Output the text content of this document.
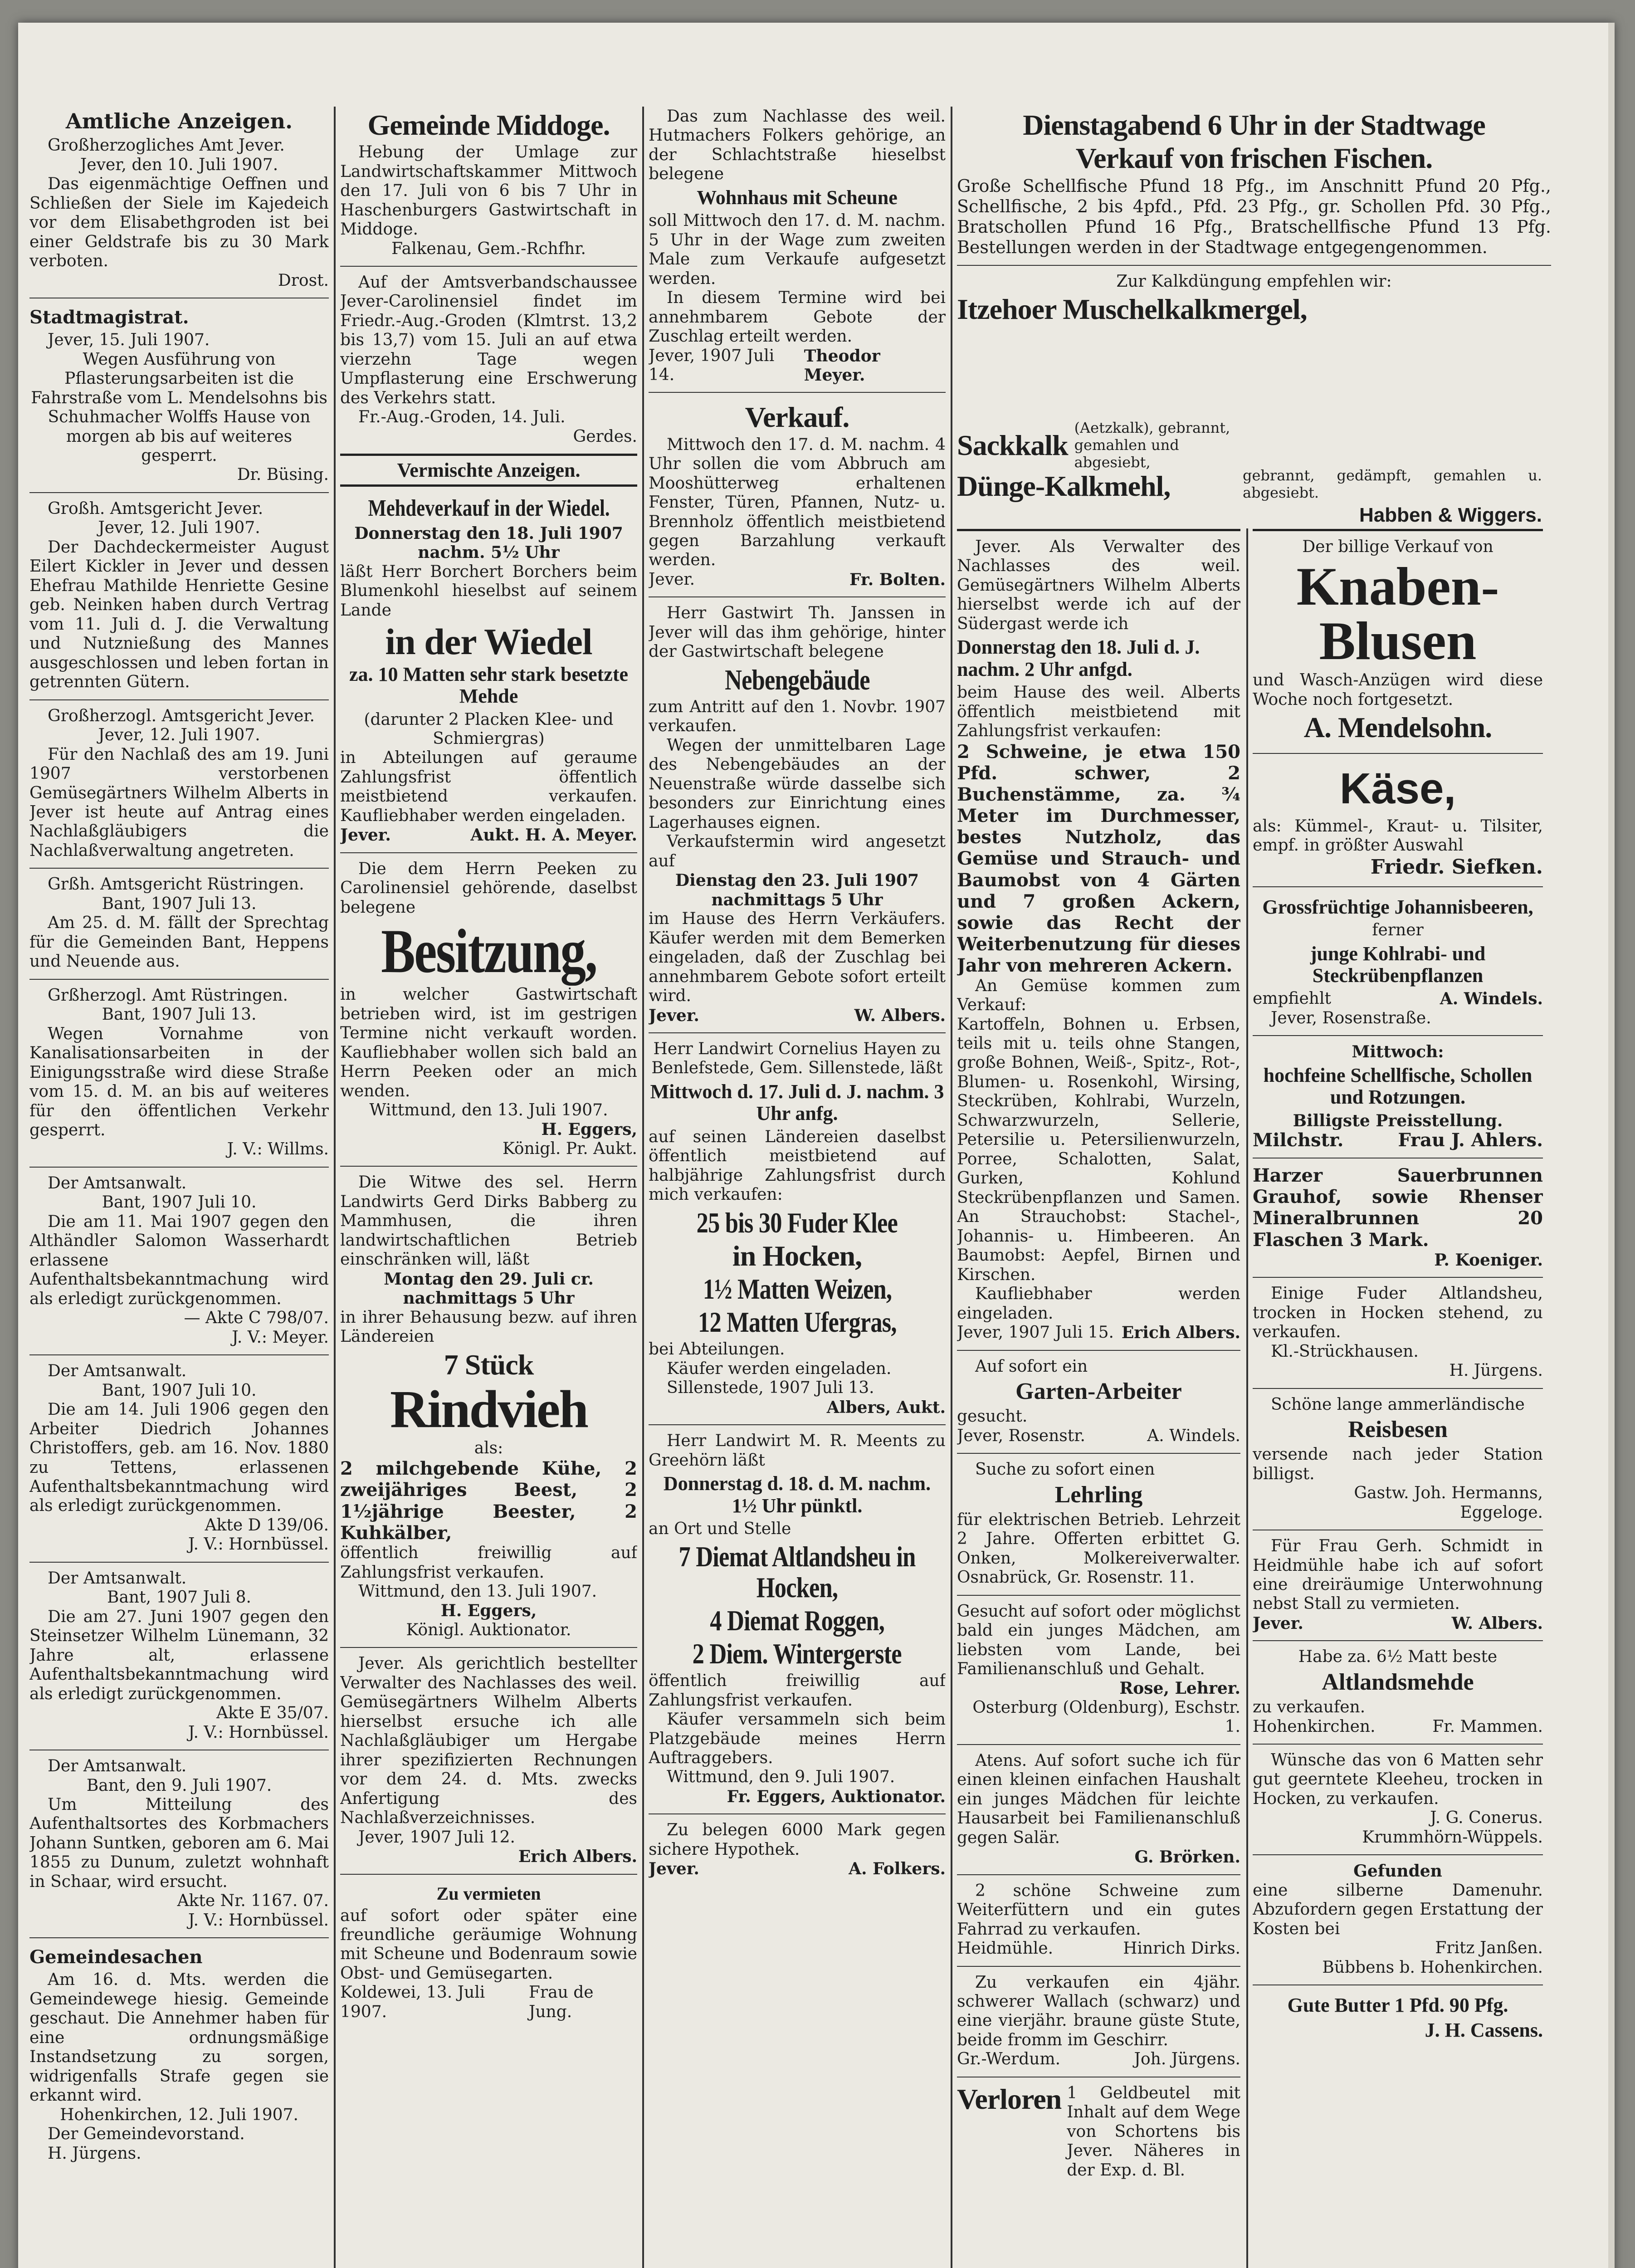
Amtliche Anzeigen.

Großherzogliches Amt Jever.

Jever, den 10. Juli 1907.

Das eigenmächtige Oeffnen und Schließen der Siele im Kajedeich vor dem Elisabethgroden ist bei einer Geldstrafe bis zu 30 Mark verboten.

Drost.

Stadtmagistrat.

Jever, 15. Juli 1907.

Wegen Ausführung von Pflasterungsarbeiten ist die Fahrstraße vom L. Mendelsohns bis Schuhmacher Wolffs Hause von morgen ab bis auf weiteres gesperrt.

Dr. Büsing.

Großh. Amtsgericht Jever.

Jever, 12. Juli 1907.

Der Dachdeckermeister August Eilert Kickler in Jever und dessen Ehefrau Mathilde Henriette Gesine geb. Neinken haben durch Vertrag vom 11. Juli d. J. die Verwaltung und Nutznießung des Mannes ausgeschlossen und leben fortan in getrennten Gütern.

Großherzogl. Amtsgericht Jever.

Jever, 12. Juli 1907.

Für den Nachlaß des am 19. Juni 1907 verstorbenen Gemüsegärtners Wilhelm Alberts in Jever ist heute auf Antrag eines Nachlaßgläubigers die Nachlaßverwaltung angetreten.

Grßh. Amtsgericht Rüstringen.

Bant, 1907 Juli 13.

Am 25. d. M. fällt der Sprechtag für die Gemeinden Bant, Heppens und Neuende aus.

Grßherzogl. Amt Rüstringen.

Bant, 1907 Juli 13.

Wegen Vornahme von Kanalisationsarbeiten in der Einigungsstraße wird diese Straße vom 15. d. M. an bis auf weiteres für den öffentlichen Verkehr gesperrt.

J. V.: Willms.

Der Amtsanwalt.

Bant, 1907 Juli 10.

Die am 11. Mai 1907 gegen den Althändler Salomon Wasserhardt erlassene Aufenthaltsbekanntmachung wird als erledigt zurückgenommen.

— Akte C 798/07.

J. V.: Meyer.

Der Amtsanwalt.

Bant, 1907 Juli 10.

Die am 14. Juli 1906 gegen den Arbeiter Diedrich Johannes Christoffers, geb. am 16. Nov. 1880 zu Tettens, erlassenen Aufenthaltsbekanntmachung wird als erledigt zurückgenommen.

Akte D 139/06.

J. V.: Hornbüssel.

Der Amtsanwalt.

Bant, 1907 Juli 8.

Die am 27. Juni 1907 gegen den Steinsetzer Wilhelm Lünemann, 32 Jahre alt, erlassene Aufenthaltsbekanntmachung wird als erledigt zurückgenommen.

Akte E 35/07.

J. V.: Hornbüssel.

Der Amtsanwalt.

Bant, den 9. Juli 1907.

Um Mitteilung des Aufenthaltsortes des Korbmachers Johann Suntken, geboren am 6. Mai 1855 zu Dunum, zuletzt wohnhaft in Schaar, wird ersucht.

Akte Nr. 1167. 07.

J. V.: Hornbüssel.

Gemeindesachen

Am 16. d. Mts. werden die Gemeindewege hiesig. Gemeinde geschaut. Die Annehmer haben für eine ordnungsmäßige Instandsetzung zu sorgen, widrigenfalls Strafe gegen sie erkannt wird.

Hohenkirchen, 12. Juli 1907.

Der Gemeindevorstand.

H. Jürgens.

Gemeinde Middoge.

Hebung der Umlage zur Landwirtschaftskammer Mittwoch den 17. Juli von 6 bis 7 Uhr in Haschenburgers Gastwirtschaft in Middoge.

Falkenau, Gem.-Rchfhr.

Auf der Amtsverbandschaussee Jever-Carolinensiel findet im Friedr.-Aug.-Groden (Klmtrst. 13,2 bis 13,7) vom 15. Juli an auf etwa vierzehn Tage wegen Umpflasterung eine Erschwerung des Verkehrs statt.

Fr.-Aug.-Groden, 14. Juli.

Gerdes.

Vermischte Anzeigen.
Mehdeverkauf in der Wiedel.

Donnerstag den 18. Juli 1907

nachm. 5½ Uhr

läßt Herr Borchert Borchers beim Blumenkohl hieselbst auf seinem Lande

in der Wiedel
za. 10 Matten sehr stark besetzte Mehde

(darunter 2 Placken Klee- und Schmiergras)

in Abteilungen auf geraume Zahlungsfrist öffentlich meistbietend verkaufen. Kaufliebhaber werden eingeladen.

Jever.	Aukt. H. A. Meyer.

Die dem Herrn Peeken zu Carolinensiel gehörende, daselbst belegene

Besitzung,

in welcher Gastwirtschaft betrieben wird, ist im gestrigen Termine nicht verkauft worden. Kaufliebhaber wollen sich bald an Herrn Peeken oder an mich wenden.

Wittmund, den 13. Juli 1907.

H. Eggers,

Königl. Pr. Aukt.

Die Witwe des sel. Herrn Landwirts Gerd Dirks Babberg zu Mammhusen, die ihren landwirtschaftlichen Betrieb einschränken will, läßt

Montag den 29. Juli cr. nachmittags 5 Uhr

in ihrer Behausung bezw. auf ihren Ländereien

7 Stück
Rindvieh

als:

2 milchgebende Kühe, 2 zweijähriges Beest, 2 1½jährige Beester, 2 Kuhkälber,

öffentlich freiwillig auf Zahlungsfrist verkaufen.

Wittmund, den 13. Juli 1907.

H. Eggers,

Königl. Auktionator.

Jever. Als gerichtlich bestellter Verwalter des Nachlasses des weil. Gemüsegärtners Wilhelm Alberts hierselbst ersuche ich alle Nachlaßgläubiger um Hergabe ihrer spezifizierten Rechnungen vor dem 24. d. Mts. zwecks Anfertigung des Nachlaßverzeichnisses.

Jever, 1907 Juli 12.

Erich Albers.

Zu vermieten

auf sofort oder später eine freundliche geräumige Wohnung mit Scheune und Bodenraum sowie Obst- und Gemüsegarten.

Koldewei, 13. Juli 1907.
Frau de Jung.

Das zum Nachlasse des weil. Hutmachers Folkers gehörige, an der Schlachtstraße hieselbst belegene

Wohnhaus mit Scheune

soll Mittwoch den 17. d. M. nachm. 5 Uhr in der Wage zum zweiten Male zum Verkaufe aufgesetzt werden.

In diesem Termine wird bei annehmbarem Gebote der Zuschlag erteilt werden.

Jever, 1907 Juli 14.
Theodor Meyer.
Verkauf.

Mittwoch den 17. d. M. nachm. 4 Uhr sollen die vom Abbruch am Mooshütterweg erhaltenen Fenster, Türen, Pfannen, Nutz- u. Brennholz öffentlich meistbietend gegen Barzahlung verkauft werden.

Jever.	Fr. Bolten.

Herr Gastwirt Th. Janssen in Jever will das ihm gehörige, hinter der Gastwirtschaft belegene

Nebengebäude

zum Antritt auf den 1. Novbr. 1907 verkaufen.

Wegen der unmittelbaren Lage des Nebengebäudes an der Neuenstraße würde dasselbe sich besonders zur Einrichtung eines Lagerhauses eignen.

Verkaufstermin wird angesetzt auf

Dienstag den 23. Juli 1907 nachmittags 5 Uhr

im Hause des Herrn Verkäufers. Käufer werden mit dem Bemerken eingeladen, daß der Zuschlag bei annehmbarem Gebote sofort erteilt wird.

Jever.	W. Albers.

Herr Landwirt Cornelius Hayen zu Benlefstede, Gem. Sillenstede, läßt

Mittwoch d. 17. Juli d. J. nachm. 3 Uhr anfg.

auf seinen Ländereien daselbst öffentlich meistbietend auf halbjährige Zahlungsfrist durch mich verkaufen:

25 bis 30 Fuder Klee
in Hocken,
1½ Matten Weizen,
12 Matten Ufergras,

bei Abteilungen.

Käufer werden eingeladen.

Sillenstede, 1907 Juli 13.

Albers, Aukt.

Herr Landwirt M. R. Meents zu Greehörn läßt

Donnerstag d. 18. d. M. nachm. 1½ Uhr pünktl.

an Ort und Stelle

7 Diemat Altlandsheu in Hocken,
4 Diemat Roggen,
2 Diem. Wintergerste

öffentlich freiwillig auf Zahlungsfrist verkaufen.

Käufer versammeln sich beim Platzgebäude meines Herrn Auftraggebers.

Wittmund, den 9. Juli 1907.

Fr. Eggers, Auktionator.

Zu belegen 6000 Mark gegen sichere Hypothek.

Jever.	A. Folkers.
Dienstagabend 6 Uhr in der Stadtwage
Verkauf von frischen Fischen.

Große Schellfische Pfund 18 Pfg., im Anschnitt Pfund 20 Pfg., Schellfische, 2 bis 4pfd., Pfd. 23 Pfg., gr. Schollen Pfd. 30 Pfg., Bratschollen Pfund 16 Pfg., Bratschellfische Pfund 13 Pfg. Bestellungen werden in der Stadtwage entgegengenommen.

Zur Kalkdüngung empfehlen wir:

Itzehoer Muschelkalkmergel,
Sackkalk
(Aetzkalk), gebrannt, gemahlen und abgesiebt,
Dünge-Kalkmehl,	gebrannt, gedämpft, gemahlen u. abgesiebt.

Habben & Wiggers.

Jever. Als Verwalter des Nachlasses des weil. Gemüsegärtners Wilhelm Alberts hierselbst werde ich auf der Südergast werde ich

Donnerstag den 18. Juli d. J. nachm. 2 Uhr anfgd.

beim Hause des weil. Alberts öffentlich meistbietend mit Zahlungsfrist verkaufen:

2 Schweine, je etwa 150 Pfd. schwer, 2 Buchenstämme, za. ¾ Meter im Durchmesser, bestes Nutzholz, das Gemüse und Strauch- und Baumobst von 4 Gärten und 7 großen Ackern, sowie das Recht der Weiterbenutzung für dieses Jahr von mehreren Ackern.

An Gemüse kommen zum Verkauf:

Kartoffeln, Bohnen u. Erbsen, teils mit u. teils ohne Stangen, große Bohnen, Weiß-, Spitz-, Rot-, Blumen- u. Rosenkohl, Wirsing, Steckrüben, Kohlrabi, Wurzeln, Schwarzwurzeln, Sellerie, Petersilie u. Petersilienwurzeln, Porree, Schalotten, Salat, Gurken, Kohlund Steckrübenpflanzen und Samen. An Strauchobst: Stachel-, Johannis- u. Himbeeren. An Baumobst: Aepfel, Birnen und Kirschen.

Kaufliebhaber werden eingeladen.

Jever, 1907 Juli 15. Erich Albers.

Auf sofort ein

Garten-Arbeiter

gesucht.

Jever, Rosenstr.	A. Windels.

Suche zu sofort einen

Lehrling

für elektrischen Betrieb. Lehrzeit 2 Jahre. Offerten erbittet G. Onken, Molkereiverwalter. Osnabrück, Gr. Rosenstr. 11.

Gesucht auf sofort oder möglichst bald ein junges Mädchen, am liebsten vom Lande, bei Familienanschluß und Gehalt.

Rose, Lehrer.

Osterburg (Oldenburg), Eschstr. 1.

Atens. Auf sofort suche ich für einen kleinen einfachen Haushalt ein junges Mädchen für leichte Hausarbeit bei Familienanschluß gegen Salär.

G. Brörken.

2 schöne Schweine zum Weiterfüttern und ein gutes Fahrrad zu verkaufen.

Heidmühle.	Hinrich Dirks.

Zu verkaufen ein 4jähr. schwerer Wallach (schwarz) und eine vierjähr. braune güste Stute, beide fromm im Geschirr.

Gr.-Werdum.	Joh. Jürgens.
Verloren 1 Geldbeutel mit Inhalt auf dem Wege von Schortens bis Jever. Näheres in der Exp. d. Bl.

Der billige Verkauf von

Knaben-Blusen

und Wasch-Anzügen wird diese Woche noch fortgesetzt.

A. Mendelsohn.
Käse,

als: Kümmel-, Kraut- u. Tilsiter, empf. in größter Auswahl

Friedr. Siefken.

Grossfrüchtige Johannisbeeren,

ferner

junge Kohlrabi- und Steckrübenpflanzen
empfiehlt	A. Windels.

Jever, Rosenstraße.

Mittwoch:

hochfeine Schellfische, Schollen und Rotzungen.

Billigste Preisstellung.

Milchstr.	Frau J. Ahlers.

Harzer Sauerbrunnen Grauhof, sowie Rhenser Mineralbrunnen 20 Flaschen 3 Mark.

P. Koeniger.

Einige Fuder Altlandsheu, trocken in Hocken stehend, zu verkaufen.

Kl.-Strückhausen.

H. Jürgens.

Schöne lange ammerländische

Reisbesen

versende nach jeder Station billigst.

Gastw. Joh. Hermanns,

Eggeloge.

Für Frau Gerh. Schmidt in Heidmühle habe ich auf sofort eine dreiräumige Unterwohnung nebst Stall zu vermieten.

Jever.	W. Albers.

Habe za. 6½ Matt beste

Altlandsmehde

zu verkaufen.

Hohenkirchen.	Fr. Mammen.

Wünsche das von 6 Matten sehr gut geerntete Kleeheu, trocken in Hocken, zu verkaufen.

J. G. Conerus.

Krummhörn-Wüppels.

Gefunden

eine silberne Damenuhr. Abzufordern gegen Erstattung der Kosten bei

Fritz Janßen.

Bübbens b. Hohenkirchen.

Gute Butter 1 Pfd. 90 Pfg.
J. H. Cassens.
